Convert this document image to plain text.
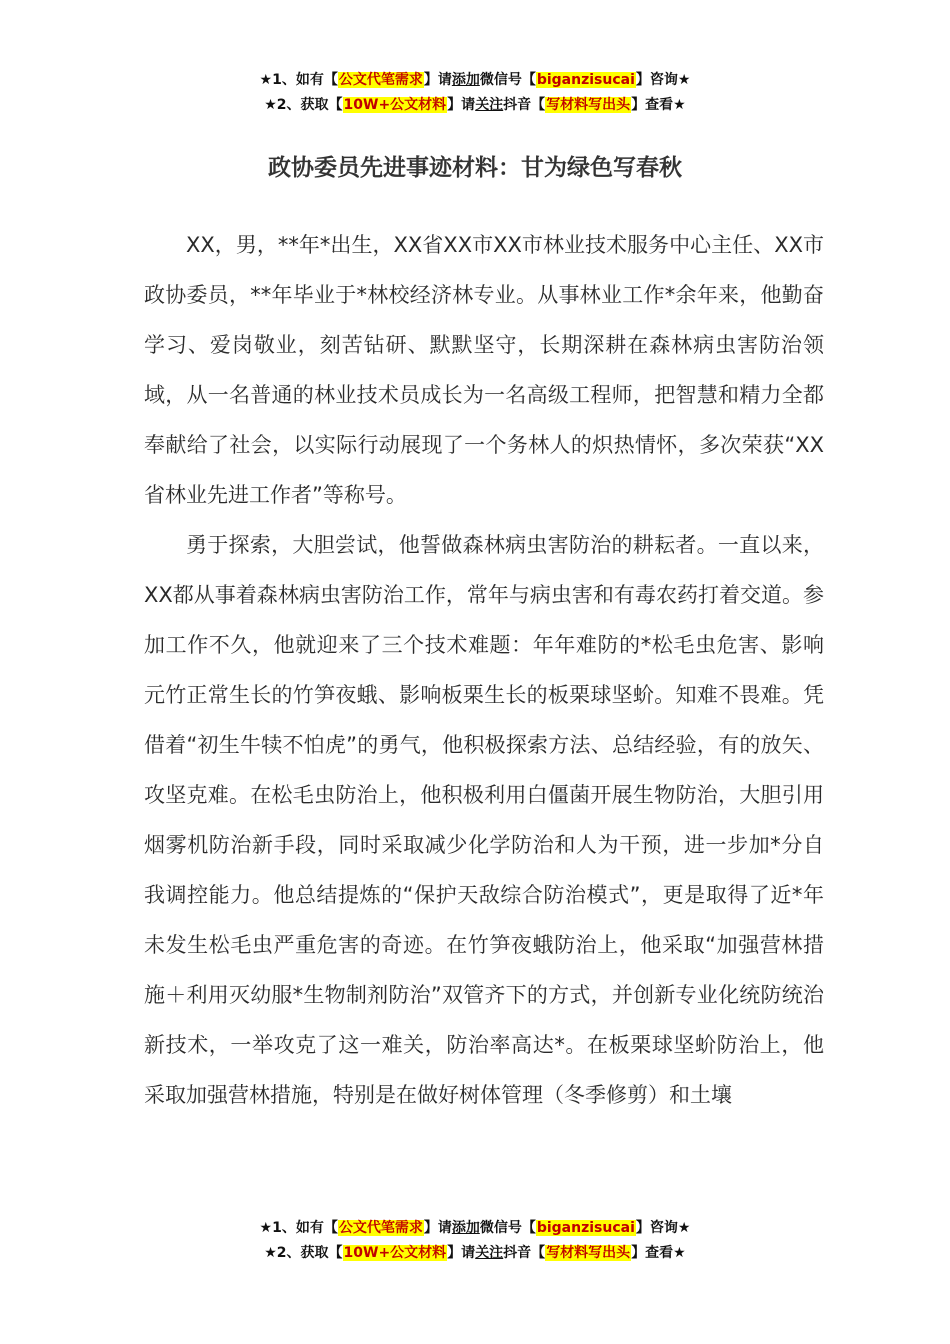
★1、如有【公文代笔需求】请添加微信号【biganzisucai】咨询★
★2、获取【10W+公文材料】请关注抖音【写材料写出头】查看★
政协委员先进事迹材料：甘为绿色写春秋

XX，男，**年*出生，XX省XX市XX市林业技术服务中心主任、XX市政协委员，**年毕业于*林校经济林专业。从事林业工作*余年来，他勤奋学习、爱岗敬业，刻苦钻研、默默坚守，长期深耕在森林病虫害防治领域，从一名普通的林业技术员成长为一名高级工程师，把智慧和精力全都奉献给了社会，以实际行动展现了一个务林人的炽热情怀，多次荣获“XX省林业先进工作者”等称号。

勇于探索，大胆尝试，他誓做森林病虫害防治的耕耘者。一直以来，XX都从事着森林病虫害防治工作，常年与病虫害和有毒农药打着交道。参加工作不久，他就迎来了三个技术难题：年年难防的*松毛虫危害、影响元竹正常生长的竹笋夜蛾、影响板栗生长的板栗球坚蚧。知难不畏难。凭借着“初生牛犊不怕虎”的勇气，他积极探索方法、总结经验，有的放矢、攻坚克难。在松毛虫防治上，他积极利用白僵菌开展生物防治，大胆引用烟雾机防治新手段，同时采取减少化学防治和人为干预，进一步加*分自我调控能力。他总结提炼的“保护天敌综合防治模式”，更是取得了近*年未发生松毛虫严重危害的奇迹。在竹笋夜蛾防治上，他采取“加强营林措施＋利用灭幼服*生物制剂防治”双管齐下的方式，并创新专业化统防统治新技术，一举攻克了这一难关，防治率高达*。在板栗球坚蚧防治上，他采取加强营林措施，特别是在做好树体管理（冬季修剪）和土壤

★1、如有【公文代笔需求】请添加微信号【biganzisucai】咨询★
★2、获取【10W+公文材料】请关注抖音【写材料写出头】查看★
